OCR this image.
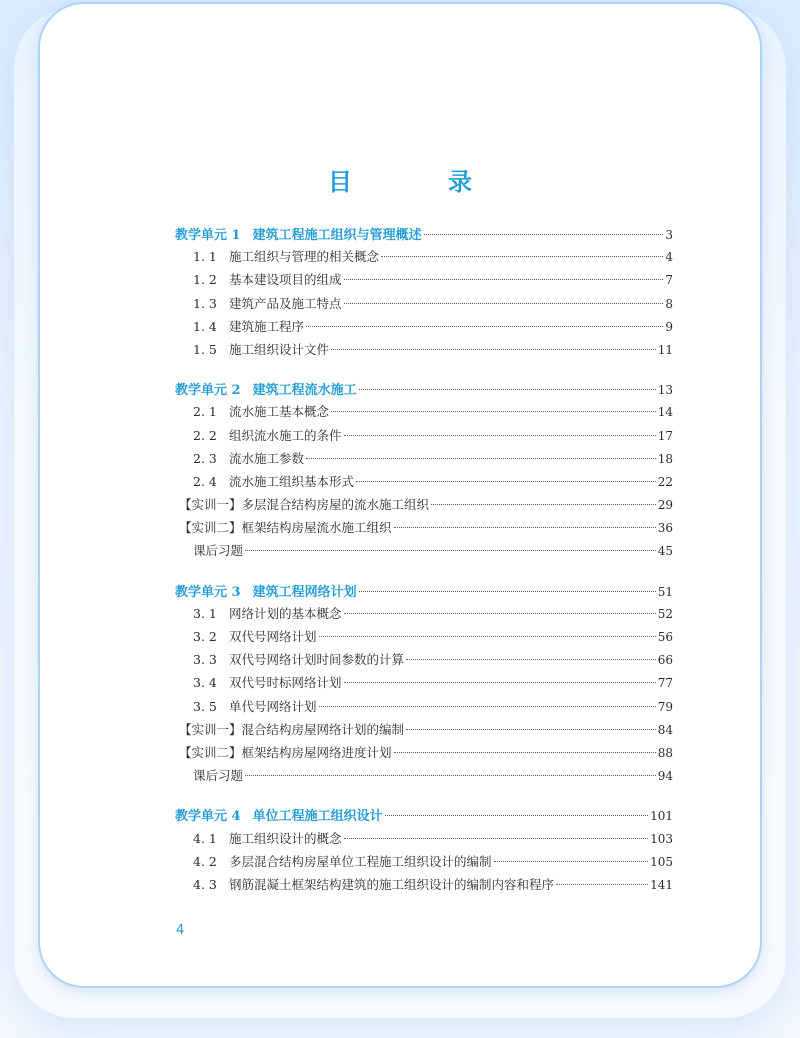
目　录
教学单元 1 建筑工程施工组织与管理概述	3
1. 1 施工组织与管理的相关概念	4
1. 2 基本建设项目的组成	7
1. 3 建筑产品及施工特点	8
1. 4 建筑施工程序	9
1. 5 施工组织设计文件	11
教学单元 2 建筑工程流水施工	13
2. 1 流水施工基本概念	14
2. 2 组织流水施工的条件	17
2. 3 流水施工参数	18
2. 4 流水施工组织基本形式	22
【实训一】多层混合结构房屋的流水施工组织	29
【实训二】框架结构房屋流水施工组织	36
课后习题	45
教学单元 3 建筑工程网络计划	51
3. 1 网络计划的基本概念	52
3. 2 双代号网络计划	56
3. 3 双代号网络计划时间参数的计算	66
3. 4 双代号时标网络计划	77
3. 5 单代号网络计划	79
【实训一】混合结构房屋网络计划的编制	84
【实训二】框架结构房屋网络进度计划	88
课后习题	94
教学单元 4 单位工程施工组织设计	101
4. 1 施工组织设计的概念	103
4. 2 多层混合结构房屋单位工程施工组织设计的编制	105
4. 3 钢筋混凝土框架结构建筑的施工组织设计的编制内容和程序	141
4
